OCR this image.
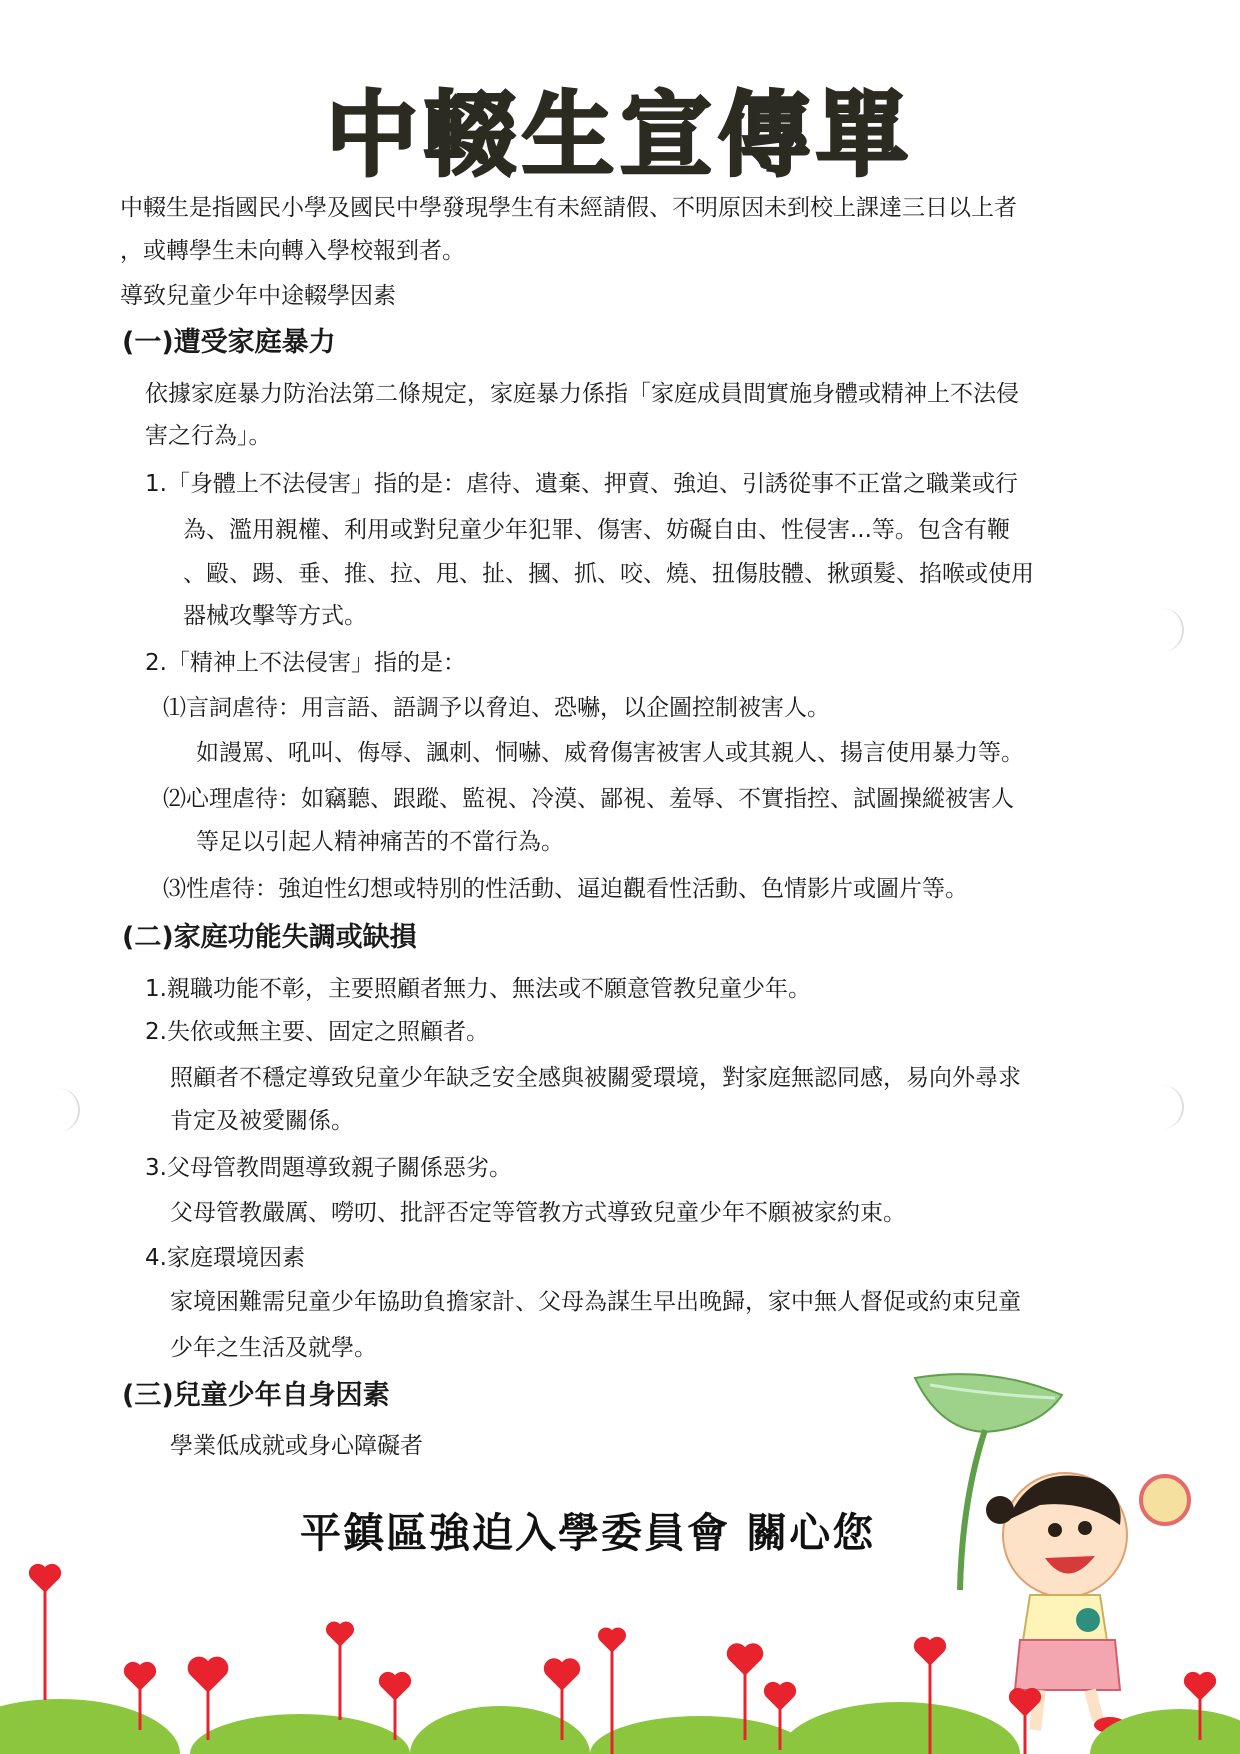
中輟生宣傳單
中輟生是指國民小學及國民中學發現學生有未經請假、不明原因未到校上課達三日以上者
，或轉學生未向轉入學校報到者。
導致兒童少年中途輟學因素
(一)遭受家庭暴力
依據家庭暴力防治法第二條規定，家庭暴力係指「家庭成員間實施身體或精神上不法侵
害之行為」。
1.「身體上不法侵害」指的是：虐待、遺棄、押賣、強迫、引誘從事不正當之職業或行
為、濫用親權、利用或對兒童少年犯罪、傷害、妨礙自由、性侵害...等。包含有鞭
、毆、踢、垂、推、拉、甩、扯、摑、抓、咬、燒、扭傷肢體、揪頭髮、掐喉或使用
器械攻擊等方式。
2.「精神上不法侵害」指的是：
⑴言詞虐待：用言語、語調予以脅迫、恐嚇，以企圖控制被害人。
如謾罵、吼叫、侮辱、諷刺、恫嚇、威脅傷害被害人或其親人、揚言使用暴力等。
⑵心理虐待：如竊聽、跟蹤、監視、冷漠、鄙視、羞辱、不實指控、試圖操縱被害人
等足以引起人精神痛苦的不當行為。
⑶性虐待：強迫性幻想或特別的性活動、逼迫觀看性活動、色情影片或圖片等。
(二)家庭功能失調或缺損
1.親職功能不彰，主要照顧者無力、無法或不願意管教兒童少年。
2.失依或無主要、固定之照顧者。
照顧者不穩定導致兒童少年缺乏安全感與被關愛環境，對家庭無認同感，易向外尋求
肯定及被愛關係。
3.父母管教問題導致親子關係惡劣。
父母管教嚴厲、嘮叨、批評否定等管教方式導致兒童少年不願被家約束。
4.家庭環境因素
家境困難需兒童少年協助負擔家計、父母為謀生早出晚歸，家中無人督促或約束兒童
少年之生活及就學。
(三)兒童少年自身因素
學業低成就或身心障礙者
平鎮區強迫入學委員會 關心您
